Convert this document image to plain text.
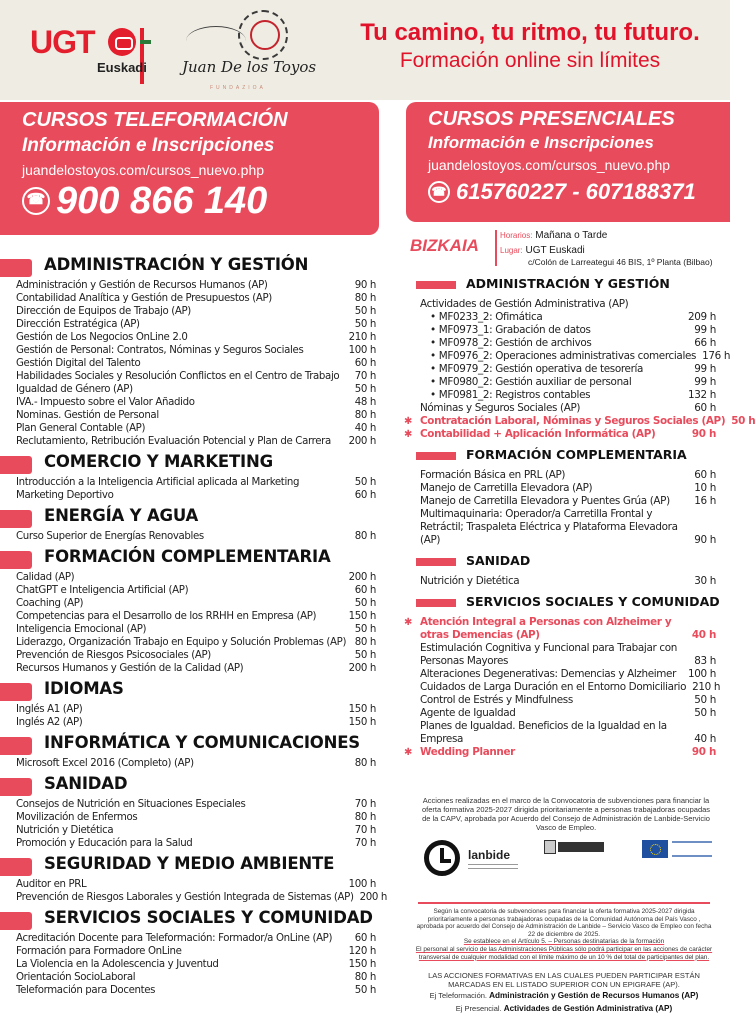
UGT
Euskadi Juan De los Toyos
FUNDAZIOA
Tu camino, tu ritmo, tu futuro.
Formación online sin límites
CURSOS TELEFORMACIÓN
Información e Inscripciones
juandelostoyos.com/cursos_nuevo.php
☎
900 866 140
CURSOS PRESENCIALES
Información e Inscripciones
juandelostoyos.com/cursos_nuevo.php
☎
615760227 - 607188371
BIZKAIA
Horarios: Mañana o Tarde
Lugar: UGT Euskadi
c/Colón de Larreategui 46 BIS, 1º Planta (Bilbao)
ADMINISTRACIÓN Y GESTIÓN
Administración y Gestión de Recursos Humanos (AP)	90 h
Contabilidad Analítica y Gestión de Presupuestos (AP)	80 h
Dirección de Equipos de Trabajo (AP)	50 h
Dirección Estratégica (AP)	50 h
Gestión de Los Negocios OnLine 2.0	210 h
Gestión de Personal: Contratos, Nóminas y Seguros Sociales	100 h
Gestión Digital del Talento	60 h
Habilidades Sociales y Resolución Conflictos en el Centro de Trabajo	70 h
Igualdad de Género (AP)	50 h
IVA.- Impuesto sobre el Valor Añadido	48 h
Nominas. Gestión de Personal	80 h
Plan General Contable (AP)	40 h
Reclutamiento, Retribución Evaluación Potencial y Plan de Carrera	200 h
COMERCIO Y MARKETING
Introducción a la Inteligencia Artificial aplicada al Marketing	50 h
Marketing Deportivo	60 h
ENERGÍA Y AGUA
Curso Superior de Energías Renovables	80 h
FORMACIÓN COMPLEMENTARIA
Calidad (AP)	200 h
ChatGPT e Inteligencia Artificial (AP)	60 h
Coaching (AP)	50 h
Competencias para el Desarrollo de los RRHH en Empresa (AP)	150 h
Inteligencia Emocional (AP)	50 h
Liderazgo, Organización Trabajo en Equipo y Solución Problemas (AP) 80 h
Prevención de Riesgos Psicosociales (AP)	50 h
Recursos Humanos y Gestión de la Calidad (AP)	200 h
IDIOMAS
Inglés A1 (AP)	150 h
Inglés A2 (AP)	150 h
INFORMÁTICA Y COMUNICACIONES
Microsoft Excel 2016 (Completo) (AP)	80 h
SANIDAD
Consejos de Nutrición en Situaciones Especiales	70 h
Movilización de Enfermos	80 h
Nutrición y Dietética	70 h
Promoción y Educación para la Salud	70 h
SEGURIDAD Y MEDIO AMBIENTE
Auditor en PRL	100 h
Prevención de Riesgos Laborales y Gestión Integrada de Sistemas (AP) 200 h
SERVICIOS SOCIALES Y COMUNIDAD
Acreditación Docente para Teleformación: Formador/a OnLine (AP)	60 h
Formación para Formadore OnLine	120 h
La Violencia en la Adolescencia y Juventud	150 h
Orientación SocioLaboral	80 h
Teleformación para Docentes	50 h
ADMINISTRACIÓN Y GESTIÓN
Actividades de Gestión Administrativa (AP)
• MF0233_2: Ofimática	209 h
• MF0973_1: Grabación de datos	99 h
• MF0978_2: Gestión de archivos	66 h
• MF0976_2: Operaciones administrativas comerciales 176 h
• MF0979_2: Gestión operativa de tesorería	99 h
• MF0980_2: Gestión auxiliar de personal	99 h
• MF0981_2: Registros contables	132 h
Nóminas y Seguros Sociales (AP)	60 h
✱ Contratación Laboral, Nóminas y Seguros Sociales (AP) 50 h
✱ Contabilidad + Aplicación Informática (AP)	90 h
FORMACIÓN COMPLEMENTARIA
Formación Básica en PRL (AP)	60 h
Manejo de Carretilla Elevadora (AP)	10 h
Manejo de Carretilla Elevadora y Puentes Grúa (AP)	16 h
Multimaquinaria: Operador/a Carretilla Frontal y Retráctil; Traspaleta Eléctrica y Plataforma Elevadora (AP)	90 h
SANIDAD
Nutrición y Dietética	30 h
SERVICIOS SOCIALES Y COMUNIDAD
✱ Atención Integral a Personas con Alzheimer y otras Demencias (AP)	40 h
Estimulación Cognitiva y Funcional para Trabajar con Personas Mayores	83 h
Alteraciones Degenerativas: Demencias y Alzheimer	100 h
Cuidados de Larga Duración en el Entorno Domiciliario 210 h
Control de Estrés y Mindfulness	50 h
Agente de Igualdad	50 h
Planes de Igualdad. Beneficios de la Igualdad en la Empresa	40 h
✱ Wedding Planner	90 h
Acciones realizadas en el marco de la Convocatoria de subvenciones para financiar la oferta formativa 2025-2027 dirigida prioritariamente a personas trabajadoras ocupadas de la CAPV, aprobada por Acuerdo del Consejo de Administración de Lanbide-Servicio Vasco de Empleo.
lanbide
Según la convocatoria de subvenciones para financiar la oferta formativa 2025-2027 dirigida prioritariamente a personas trabajadoras ocupadas de la Comunidad Autónoma del País Vasco , aprobada por acuerdo del Consejo de Administración de Lanbide – Servicio Vasco de Empleo con fecha 22 de diciembre de 2025.
Se establece en el Artículo 5. – Personas destinatarias de la formación
El personal al servicio de las Administraciones Públicas sólo podrá participar en las acciones de carácter transversal de cualquier modalidad con el límite máximo de un 10 % del total de participantes del plan.
LAS ACCIONES FORMATIVAS EN LAS CUALES PUEDEN PARTICIPAR ESTÁN MARCADAS EN EL LISTADO SUPERIOR CON UN EPIGRAFE (AP).
Ej Teleformación. Administración y Gestión de Recursos Humanos (AP)
Ej Presencial. Actividades de Gestión Administrativa (AP)
